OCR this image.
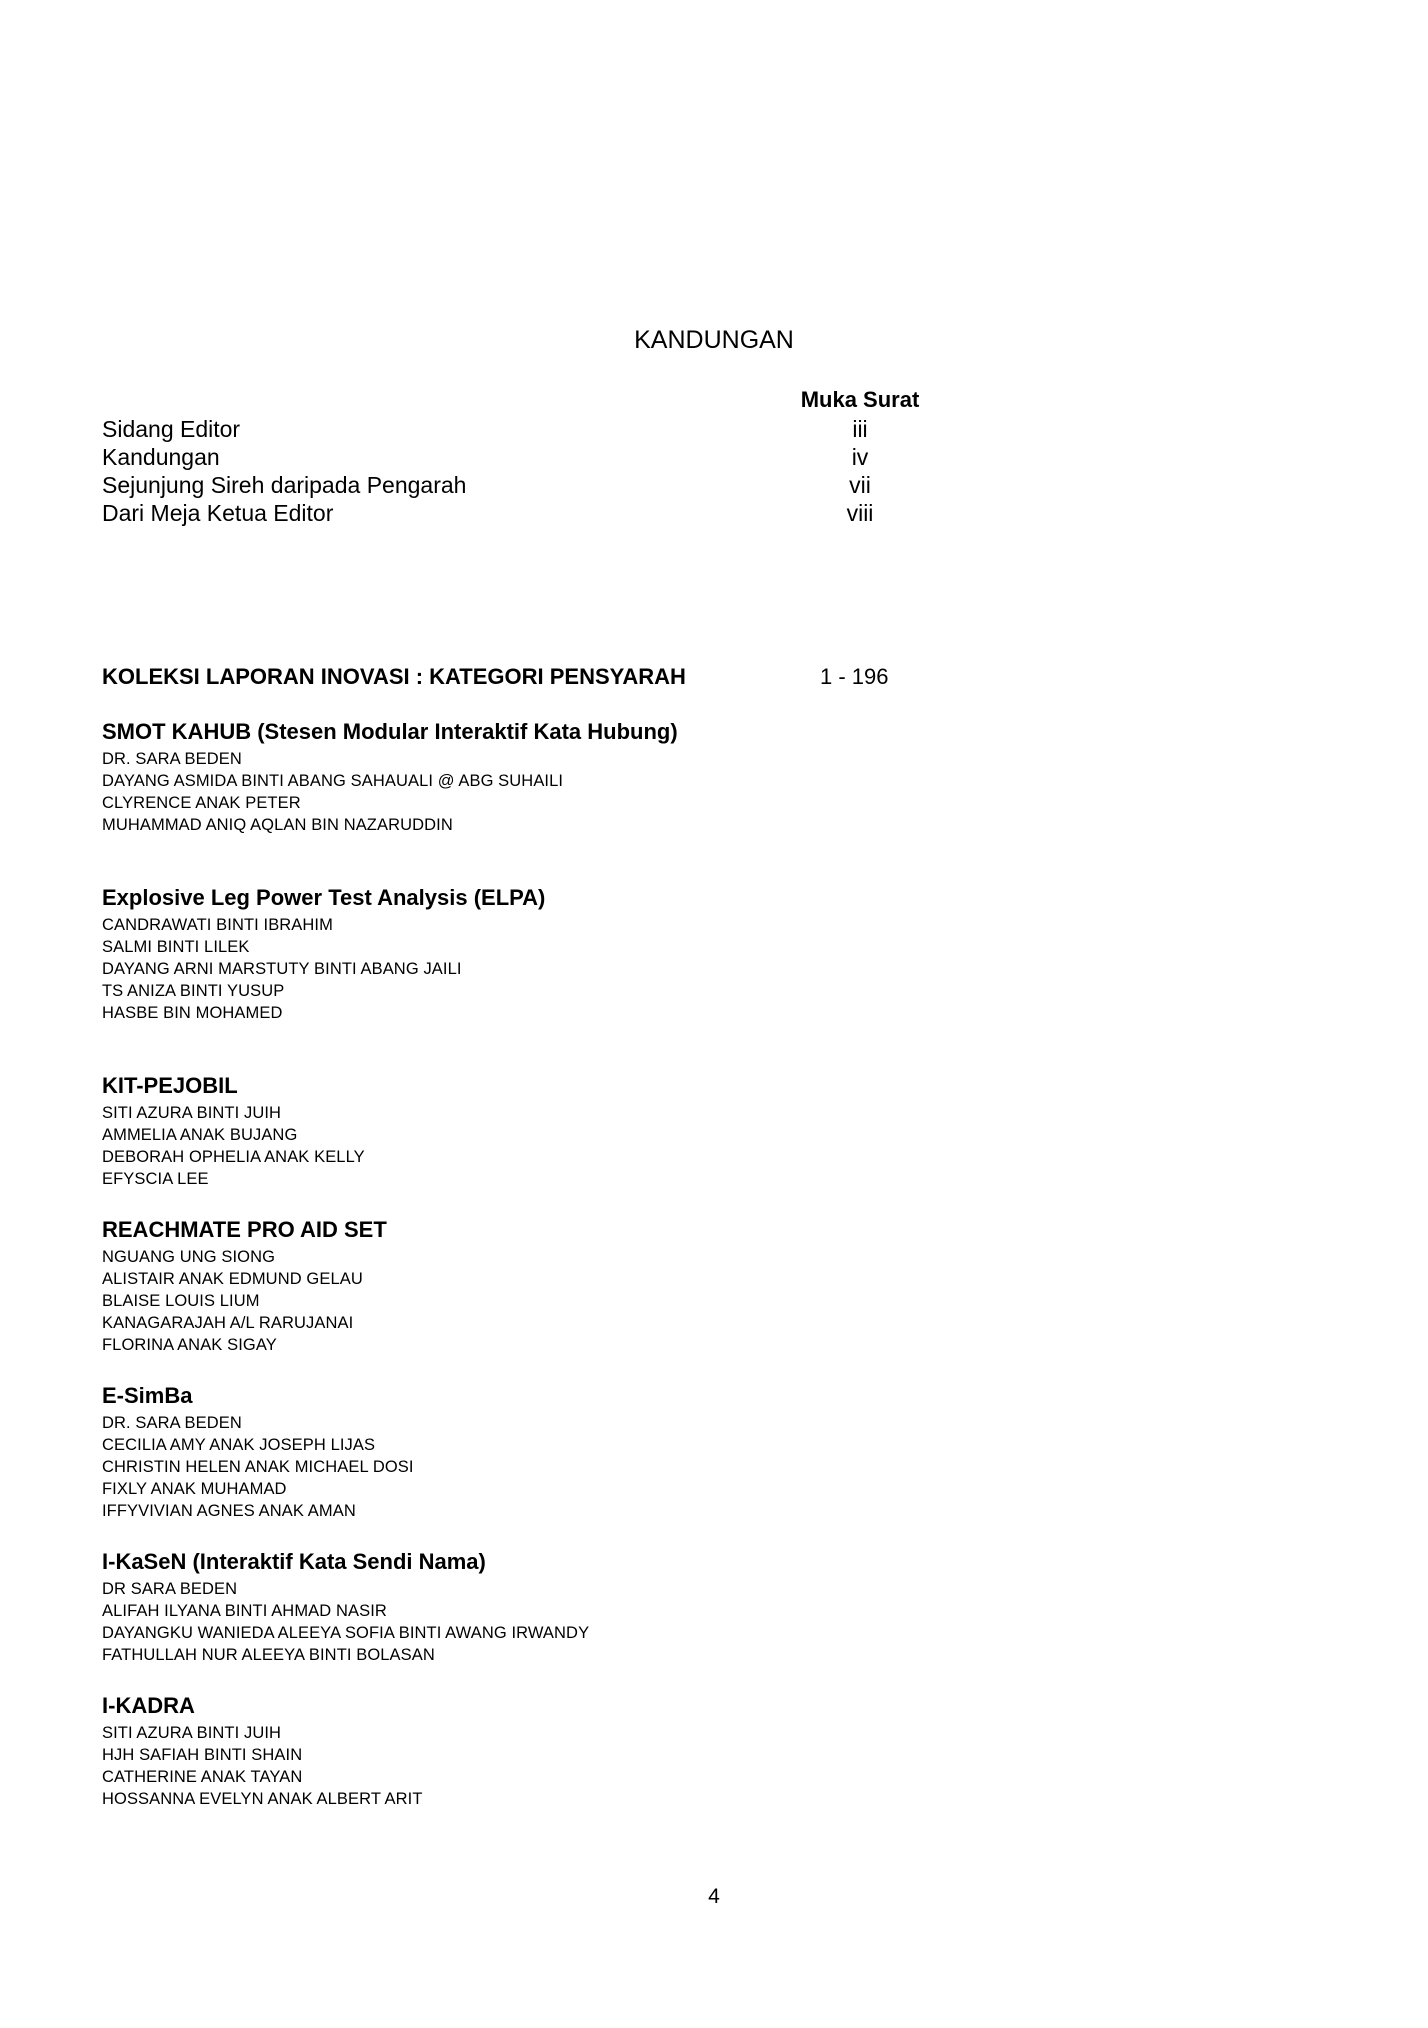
KANDUNGAN
Muka Surat
Sidang Editor	iii
Kandungan	iv
Sejunjung Sireh daripada Pengarah	vii
Dari Meja Ketua Editor	viii
KOLEKSI LAPORAN INOVASI : KATEGORI PENSYARAH	1 - 196
SMOT KAHUB (Stesen Modular Interaktif Kata Hubung)
DR. SARA BEDEN
DAYANG ASMIDA BINTI ABANG SAHAUALI @ ABG SUHAILI
CLYRENCE ANAK PETER
MUHAMMAD ANIQ AQLAN BIN NAZARUDDIN
Explosive Leg Power Test Analysis (ELPA)
CANDRAWATI BINTI IBRAHIM
SALMI BINTI LILEK
DAYANG ARNI MARSTUTY BINTI ABANG JAILI
TS ANIZA BINTI YUSUP
HASBE BIN MOHAMED
KIT-PEJOBIL
SITI AZURA BINTI JUIH
AMMELIA ANAK BUJANG
DEBORAH OPHELIA ANAK KELLY
EFYSCIA LEE
REACHMATE PRO AID SET
NGUANG UNG SIONG
ALISTAIR ANAK EDMUND GELAU
BLAISE LOUIS LIUM
KANAGARAJAH A/L RARUJANAI
FLORINA ANAK SIGAY
E-SimBa
DR. SARA BEDEN
CECILIA AMY ANAK JOSEPH LIJAS
CHRISTIN HELEN ANAK MICHAEL DOSI
FIXLY ANAK MUHAMAD
IFFYVIVIAN AGNES ANAK AMAN
I-KaSeN (Interaktif Kata Sendi Nama)
DR SARA BEDEN
ALIFAH ILYANA BINTI AHMAD NASIR
DAYANGKU WANIEDA ALEEYA SOFIA BINTI AWANG IRWANDY
FATHULLAH NUR ALEEYA BINTI BOLASAN
I-KADRA
SITI AZURA BINTI JUIH
HJH SAFIAH BINTI SHAIN
CATHERINE ANAK TAYAN
HOSSANNA EVELYN ANAK ALBERT ARIT
4
